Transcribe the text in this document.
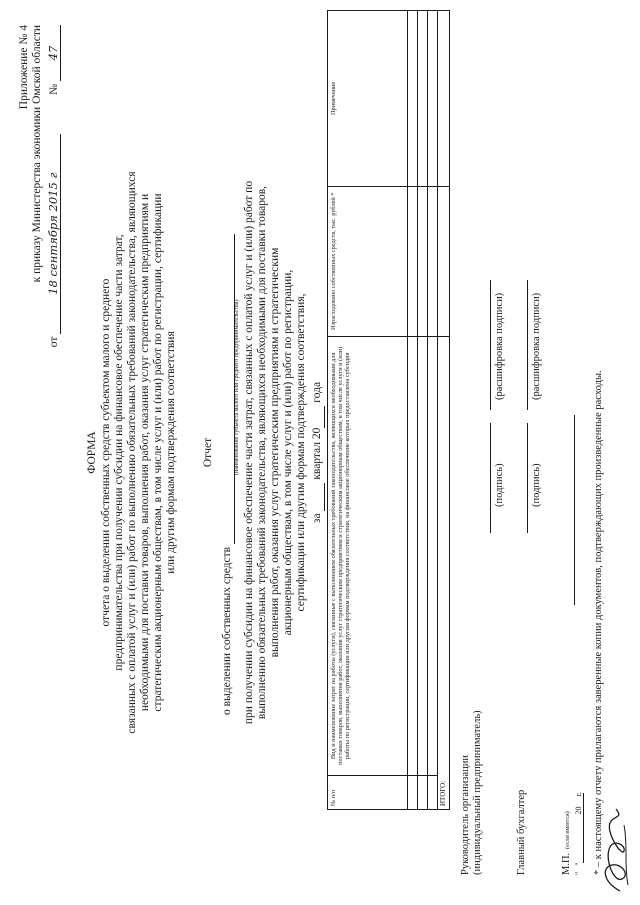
Приложение № 4 к приказу Министерства экономики Омской области
от 18 сентября 2015 г № 47
ФОРМА отчета о выделении собственных средств субъектом малого и среднего предпринимательства при получении субсидии на финансовое обеспечение части затрат, связанных с оплатой услуг и (или) работ по выполнению обязательных требований законодательства, являющихся необходимыми для поставки товаров, выполнения работ, оказания услуг стратегическим предприятиям и стратегическим акционерным обществам, в том числе услуг и (или) работ по регистрации, сертификации или другим формам подтверждения соответствия Отчет
о выделении собственных средств
(наименование субъекта малого или среднего предпринимательства) при получении субсидии на финансовое обеспечение части затрат, связанных с оплатой услуг и (или) работ по выполнению обязательных требований законодательства, являющихся необходимыми для поставки товаров, выполнения работ, оказания услуг стратегическим предприятиям и стратегическим акционерным обществам, в том числе услуг и (или) работ по регистрации, сертификации или другим формам подтверждения соответствия, за   квартал 20  года
№ п/п	Вид и наименование затрат на работы (услуги), связанные с выполнением обязательных требований законодательства, являющихся необходимыми для поставки товаров, выполнения работ, оказания услуг стратегическим предприятиям и стратегическим акционерным обществам, в том числе услуги и (или) работы по регистрации, сертификации или другим формам подтверждения соответствия, на финансовое обеспечение которых предоставлена субсидия	Израсходовано собственных средств, тыс. рублей *	Примечание

ИТОГО:			Руководитель организации (индивидуальный предприниматель)
(подпись)
(расшифровка подписи)
Главный бухгалтер
(подпись)
(расшифровка подписи)
М.П. (если имеется) "   "                        20     г. * – к настоящему отчету прилагаются заверенные копии документов, подтверждающих произведенные расходы.
